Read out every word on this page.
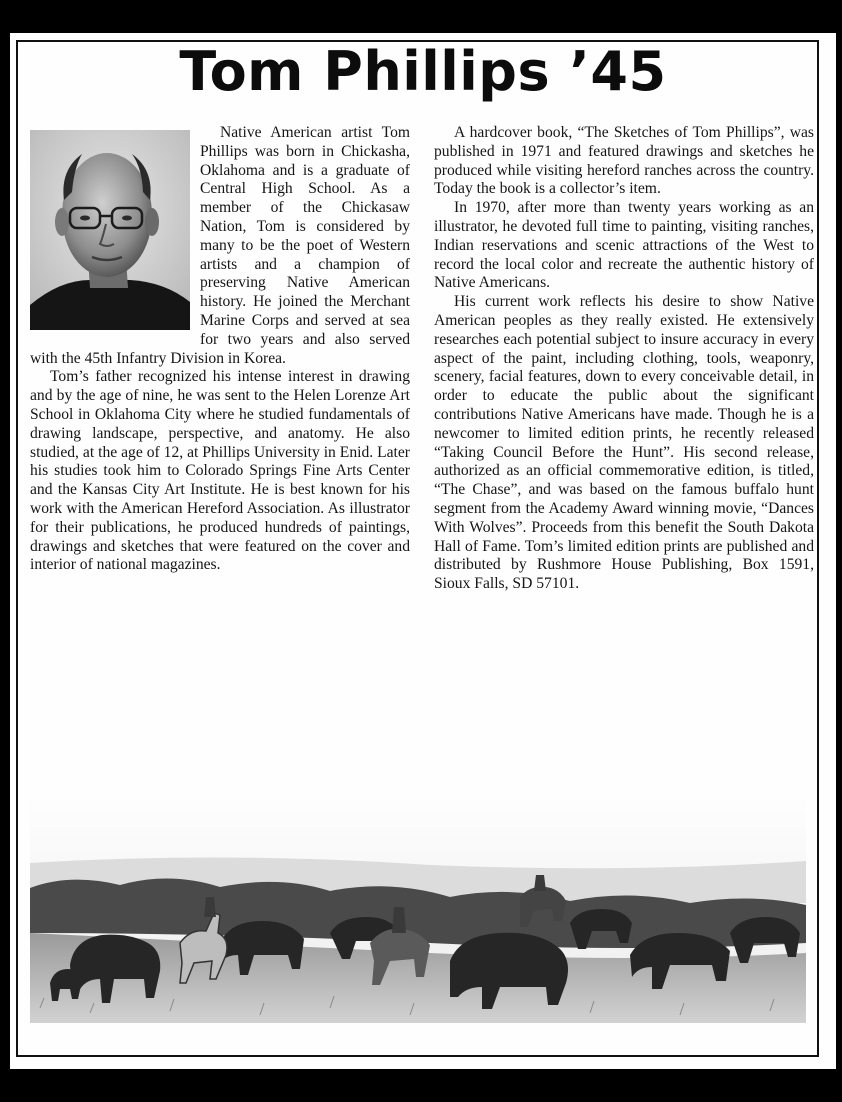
Tom Phillips ’45

Native American artist Tom Phillips was born in Chickasha, Oklahoma and is a graduate of Central High School. As a member of the Chickasaw Nation, Tom is considered by many to be the poet of Western artists and a champion of preserving Native American history. He joined the Merchant Marine Corps and served at sea for two years and also served with the 45th Infantry Division in Korea.

Tom’s father recognized his intense interest in drawing and by the age of nine, he was sent to the Helen Lorenze Art School in Oklahoma City where he studied fundamentals of drawing landscape, perspective, and anatomy. He also studied, at the age of 12, at Phillips University in Enid. Later his studies took him to Colorado Springs Fine Arts Center and the Kansas City Art Institute. He is best known for his work with the American Hereford Association. As illustrator for their publications, he produced hundreds of paintings, drawings and sketches that were featured on the cover and interior of national magazines.

A hardcover book, “The Sketches of Tom Phillips”, was published in 1971 and featured drawings and sketches he produced while visiting hereford ranches across the country. Today the book is a collector’s item.

In 1970, after more than twenty years working as an illustrator, he devoted full time to painting, visiting ranches, Indian reservations and scenic attractions of the West to record the local color and recreate the authentic history of Native Americans.

His current work reflects his desire to show Native American peoples as they really existed. He extensively researches each potential subject to insure accuracy in every aspect of the paint, including clothing, tools, weaponry, scenery, facial features, down to every conceivable detail, in order to educate the public about the significant contributions Native Americans have made. Though he is a newcomer to limited edition prints, he recently released “Taking Council Before the Hunt”. His second release, authorized as an official commemorative edition, is titled, “The Chase”, and was based on the famous buffalo hunt segment from the Academy Award winning movie, “Dances With Wolves”. Proceeds from this benefit the South Dakota Hall of Fame. Tom’s limited edition prints are published and distributed by Rushmore House Publishing, Box 1591, Sioux Falls, SD 57101.
